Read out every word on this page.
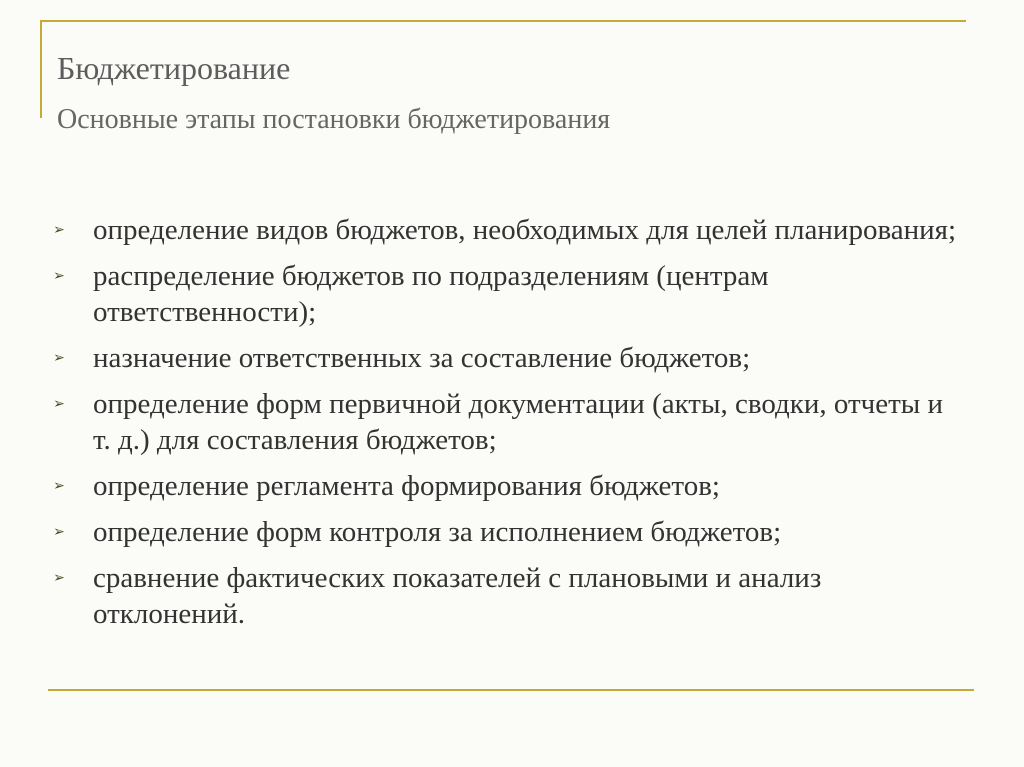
Бюджетирование
Основные этапы постановки бюджетирования
➢ определение видов бюджетов, необходимых для целей планирования;
➢ распределение бюджетов по подразделениям (центрам ответственности);
➢ назначение ответственных за составление бюджетов;
➢ определение форм первичной документации (акты, сводки, отчеты и т. д.) для составления бюджетов;
➢ определение регламента формирования бюджетов;
➢ определение форм контроля за исполнением бюджетов;
➢ сравнение фактических показателей с плановыми и анализ отклонений.
